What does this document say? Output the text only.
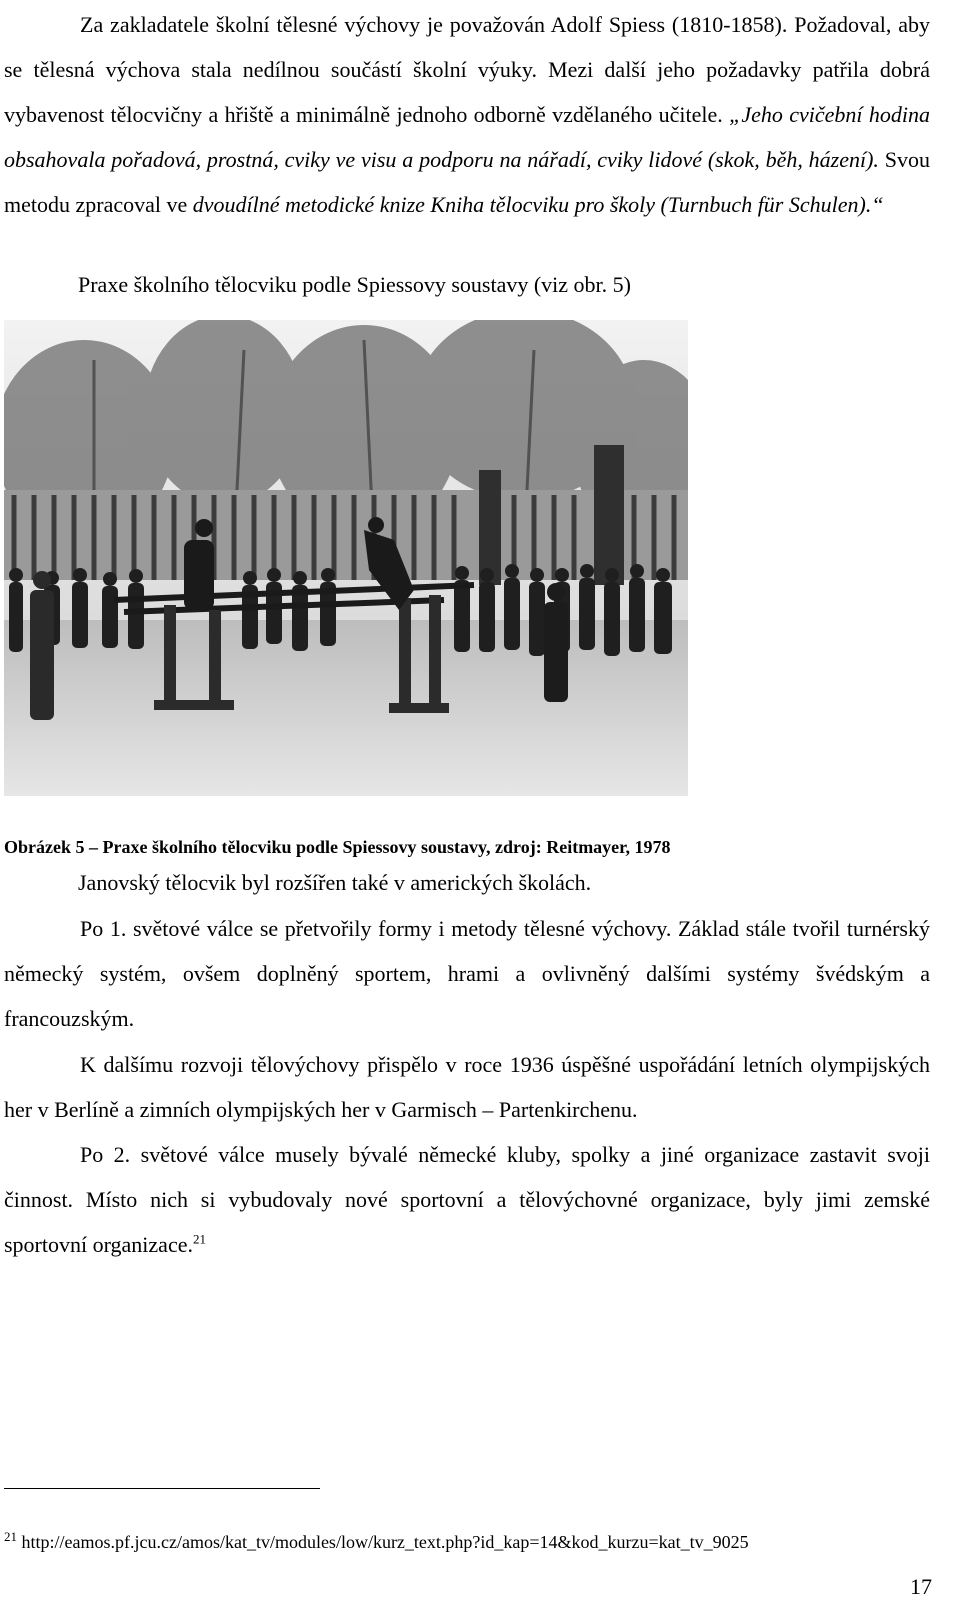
Za zakladatele školní tělesné výchovy je považován Adolf Spiess (1810-1858). Požadoval, aby se tělesná výchova stala nedílnou součástí školní výuky. Mezi další jeho požadavky patřila dobrá vybavenost tělocvičny a hřiště a minimálně jednoho odborně vzdělaného učitele. „Jeho cvičební hodina obsahovala pořadová, prostná, cviky ve visu a podporu na nářadí, cviky lidové (skok, běh, házení). Svou metodu zpracoval ve dvoudílné metodické knize Kniha tělocviku pro školy (Turnbuch für Schulen).“

Praxe školního tělocviku podle Spiessovy soustavy (viz obr. 5)
Obrázek 5 – Praxe školního tělocviku podle Spiessovy soustavy, zdroj: Reitmayer, 1978
Janovský tělocvik byl rozšířen také v amerických školách.

Po 1. světové válce se přetvořily formy i metody tělesné výchovy. Základ stále tvořil turnérský německý systém, ovšem doplněný sportem, hrami a ovlivněný dalšími systémy švédským a francouzským.

K dalšímu rozvoji tělovýchovy přispělo v roce 1936 úspěšné uspořádání letních olympijských her v Berlíně a zimních olympijských her v Garmisch – Partenkirchenu.

Po 2. světové válce musely bývalé německé kluby, spolky a jiné organizace zastavit svoji činnost. Místo nich si vybudovaly nové sportovní a tělovýchovné organizace, byly jimi zemské sportovní organizace.$^{21}$

$^{21}$ http://eamos.pf.jcu.cz/amos/kat_tv/modules/low/kurz_text.php?id_kap=14&kod_kurzu=kat_tv_9025
17
